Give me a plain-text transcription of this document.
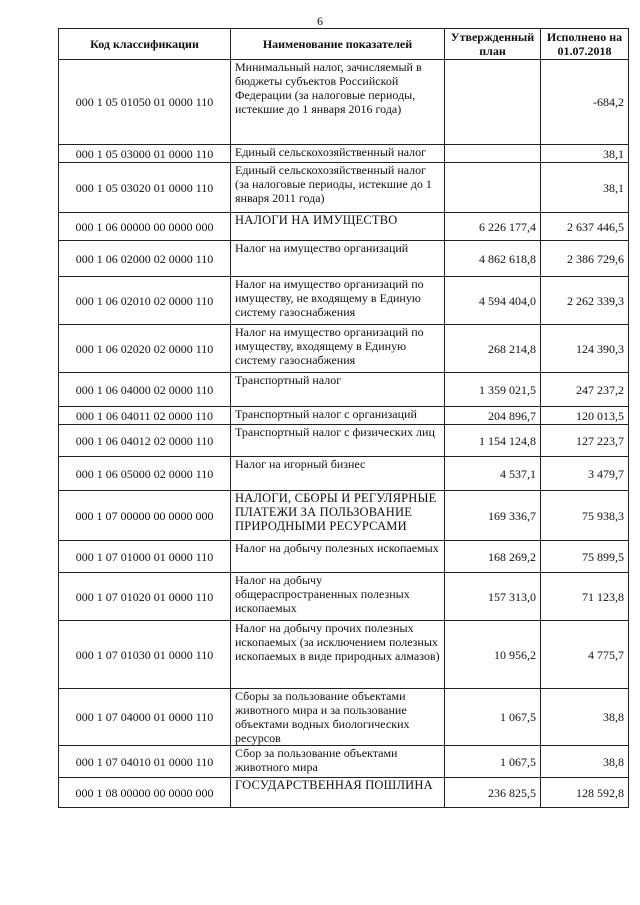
6
Код классификации	Наименование показателей	Утвержденный план	Исполнено на 01.07.2018
000 1 05 01050 01 0000 110	Минимальный налог, зачисляемый в бюджеты субъектов Российской Федерации (за налоговые периоды, истекшие до 1 января 2016 года)		-684,2
000 1 05 03000 01 0000 110	Единый сельскохозяйственный налог		38,1
000 1 05 03020 01 0000 110	Единый сельскохозяйственный налог (за налоговые периоды, истекшие до 1 января 2011 года)		38,1
000 1 06 00000 00 0000 000	НАЛОГИ НА ИМУЩЕСТВО	6 226 177,4	2 637 446,5
000 1 06 02000 02 0000 110	Налог на имущество организаций	4 862 618,8	2 386 729,6
000 1 06 02010 02 0000 110	Налог на имущество организаций по имуществу, не входящему в Единую систему газоснабжения	4 594 404,0	2 262 339,3
000 1 06 02020 02 0000 110	Налог на имущество организаций по имуществу, входящему в Единую систему газоснабжения	268 214,8	124 390,3
000 1 06 04000 02 0000 110	Транспортный налог	1 359 021,5	247 237,2
000 1 06 04011 02 0000 110	Транспортный налог с организаций	204 896,7	120 013,5
000 1 06 04012 02 0000 110	Транспортный налог с физических лиц	1 154 124,8	127 223,7
000 1 06 05000 02 0000 110	Налог на игорный бизнес	4 537,1	3 479,7
000 1 07 00000 00 0000 000	НАЛОГИ, СБОРЫ И РЕГУЛЯРНЫЕ ПЛАТЕЖИ ЗА ПОЛЬЗОВАНИЕ ПРИРОДНЫМИ РЕСУРСАМИ	169 336,7	75 938,3
000 1 07 01000 01 0000 110	Налог на добычу полезных ископаемых	168 269,2	75 899,5
000 1 07 01020 01 0000 110	Налог на добычу общераспространенных полезных ископаемых	157 313,0	71 123,8
000 1 07 01030 01 0000 110	Налог на добычу прочих полезных ископаемых (за исключением полезных ископаемых в виде природных алмазов)	10 956,2	4 775,7
000 1 07 04000 01 0000 110	Сборы за пользование объектами животного мира и за пользование объектами водных биологических ресурсов	1 067,5	38,8
000 1 07 04010 01 0000 110	Сбор за пользование объектами животного мира	1 067,5	38,8
000 1 08 00000 00 0000 000	ГОСУДАРСТВЕННАЯ ПОШЛИНА	236 825,5	128 592,8
